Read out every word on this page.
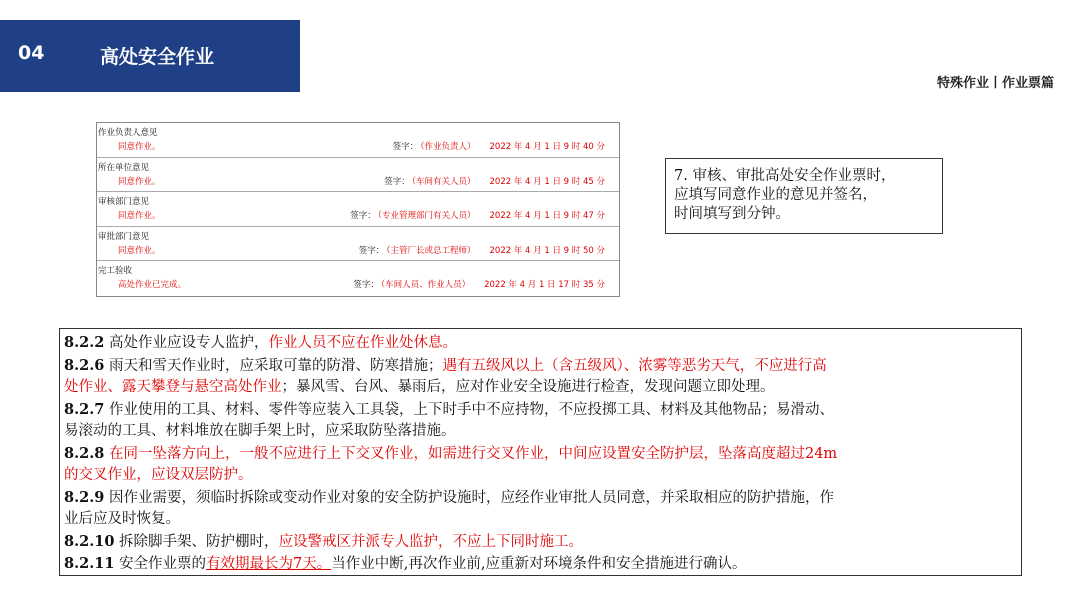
04	高处安全作业
特殊作业丨作业票篇
作业负责人意见
同意作业。	签字： （作业负责人） 2022 年 4 月 1 日 9 时 40 分
所在单位意见
同意作业。	签字： （车间有关人员） 2022 年 4 月 1 日 9 时 45 分
审核部门意见
同意作业。	签字： （专业管理部门有关人员） 2022 年 4 月 1 日 9 时 47 分
审批部门意见
同意作业。	签字： （主管厂长或总工程师） 2022 年 4 月 1 日 9 时 50 分
完工验收
高处作业已完成。	签字： （车间人员、作业人员） 2022 年 4 月 1 日 17 时 35 分
7. 审核、审批高处安全作业票时，
应填写同意作业的意见并签名，
时间填写到分钟。
8.2.2 高处作业应设专人监护，作业人员不应在作业处休息。
8.2.6 雨天和雪天作业时，应采取可靠的防滑、防寒措施；遇有五级风以上（含五级风）、浓雾等恶劣天气，不应进行高
处作业、露天攀登与悬空高处作业；暴风雪、台风、暴雨后，应对作业安全设施进行检查，发现问题立即处理。
8.2.7 作业使用的工具、材料、零件等应装入工具袋，上下时手中不应持物，不应投掷工具、材料及其他物品；易滑动、
易滚动的工具、材料堆放在脚手架上时，应采取防坠落措施。
8.2.8 在同一坠落方向上，一般不应进行上下交叉作业，如需进行交叉作业，中间应设置安全防护层，坠落高度超过24m
的交叉作业，应设双层防护。
8.2.9 因作业需要，须临时拆除或变动作业对象的安全防护设施时，应经作业审批人员同意，并采取相应的防护措施，作
业后应及时恢复。
8.2.10 拆除脚手架、防护棚时，应设警戒区并派专人监护，不应上下同时施工。
8.2.11 安全作业票的有效期最长为7天。当作业中断,再次作业前,应重新对环境条件和安全措施进行确认。
